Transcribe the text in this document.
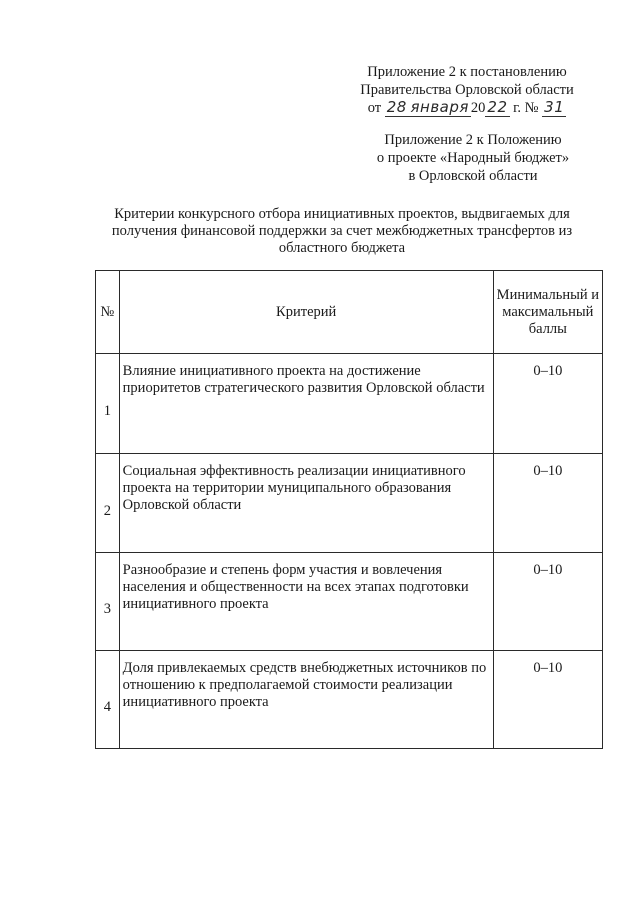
Приложение 2 к постановлению
Правительства Орловской области
от 28 января 20 22 г. № 31
Приложение 2 к Положению
о проекте «Народный бюджет»
в Орловской области
Критерии конкурсного отбора инициативных проектов, выдвигаемых для получения финансовой поддержки за счет межбюджетных трансфертов из областного бюджета
№	Критерий	Минимальный и максимальный баллы
1	Влияние инициативного проекта на достижение приоритетов стратегического развития Орловской области	0–10
2	Социальная эффективность реализации инициативного проекта на территории муниципального образования Орловской области	0–10
3	Разнообразие и степень форм участия и вовлечения населения и общественности на всех этапах подготовки инициативного проекта	0–10
4	Доля привлекаемых средств внебюджетных источников по отношению к предполагаемой стоимости реализации инициативного проекта	0–10
